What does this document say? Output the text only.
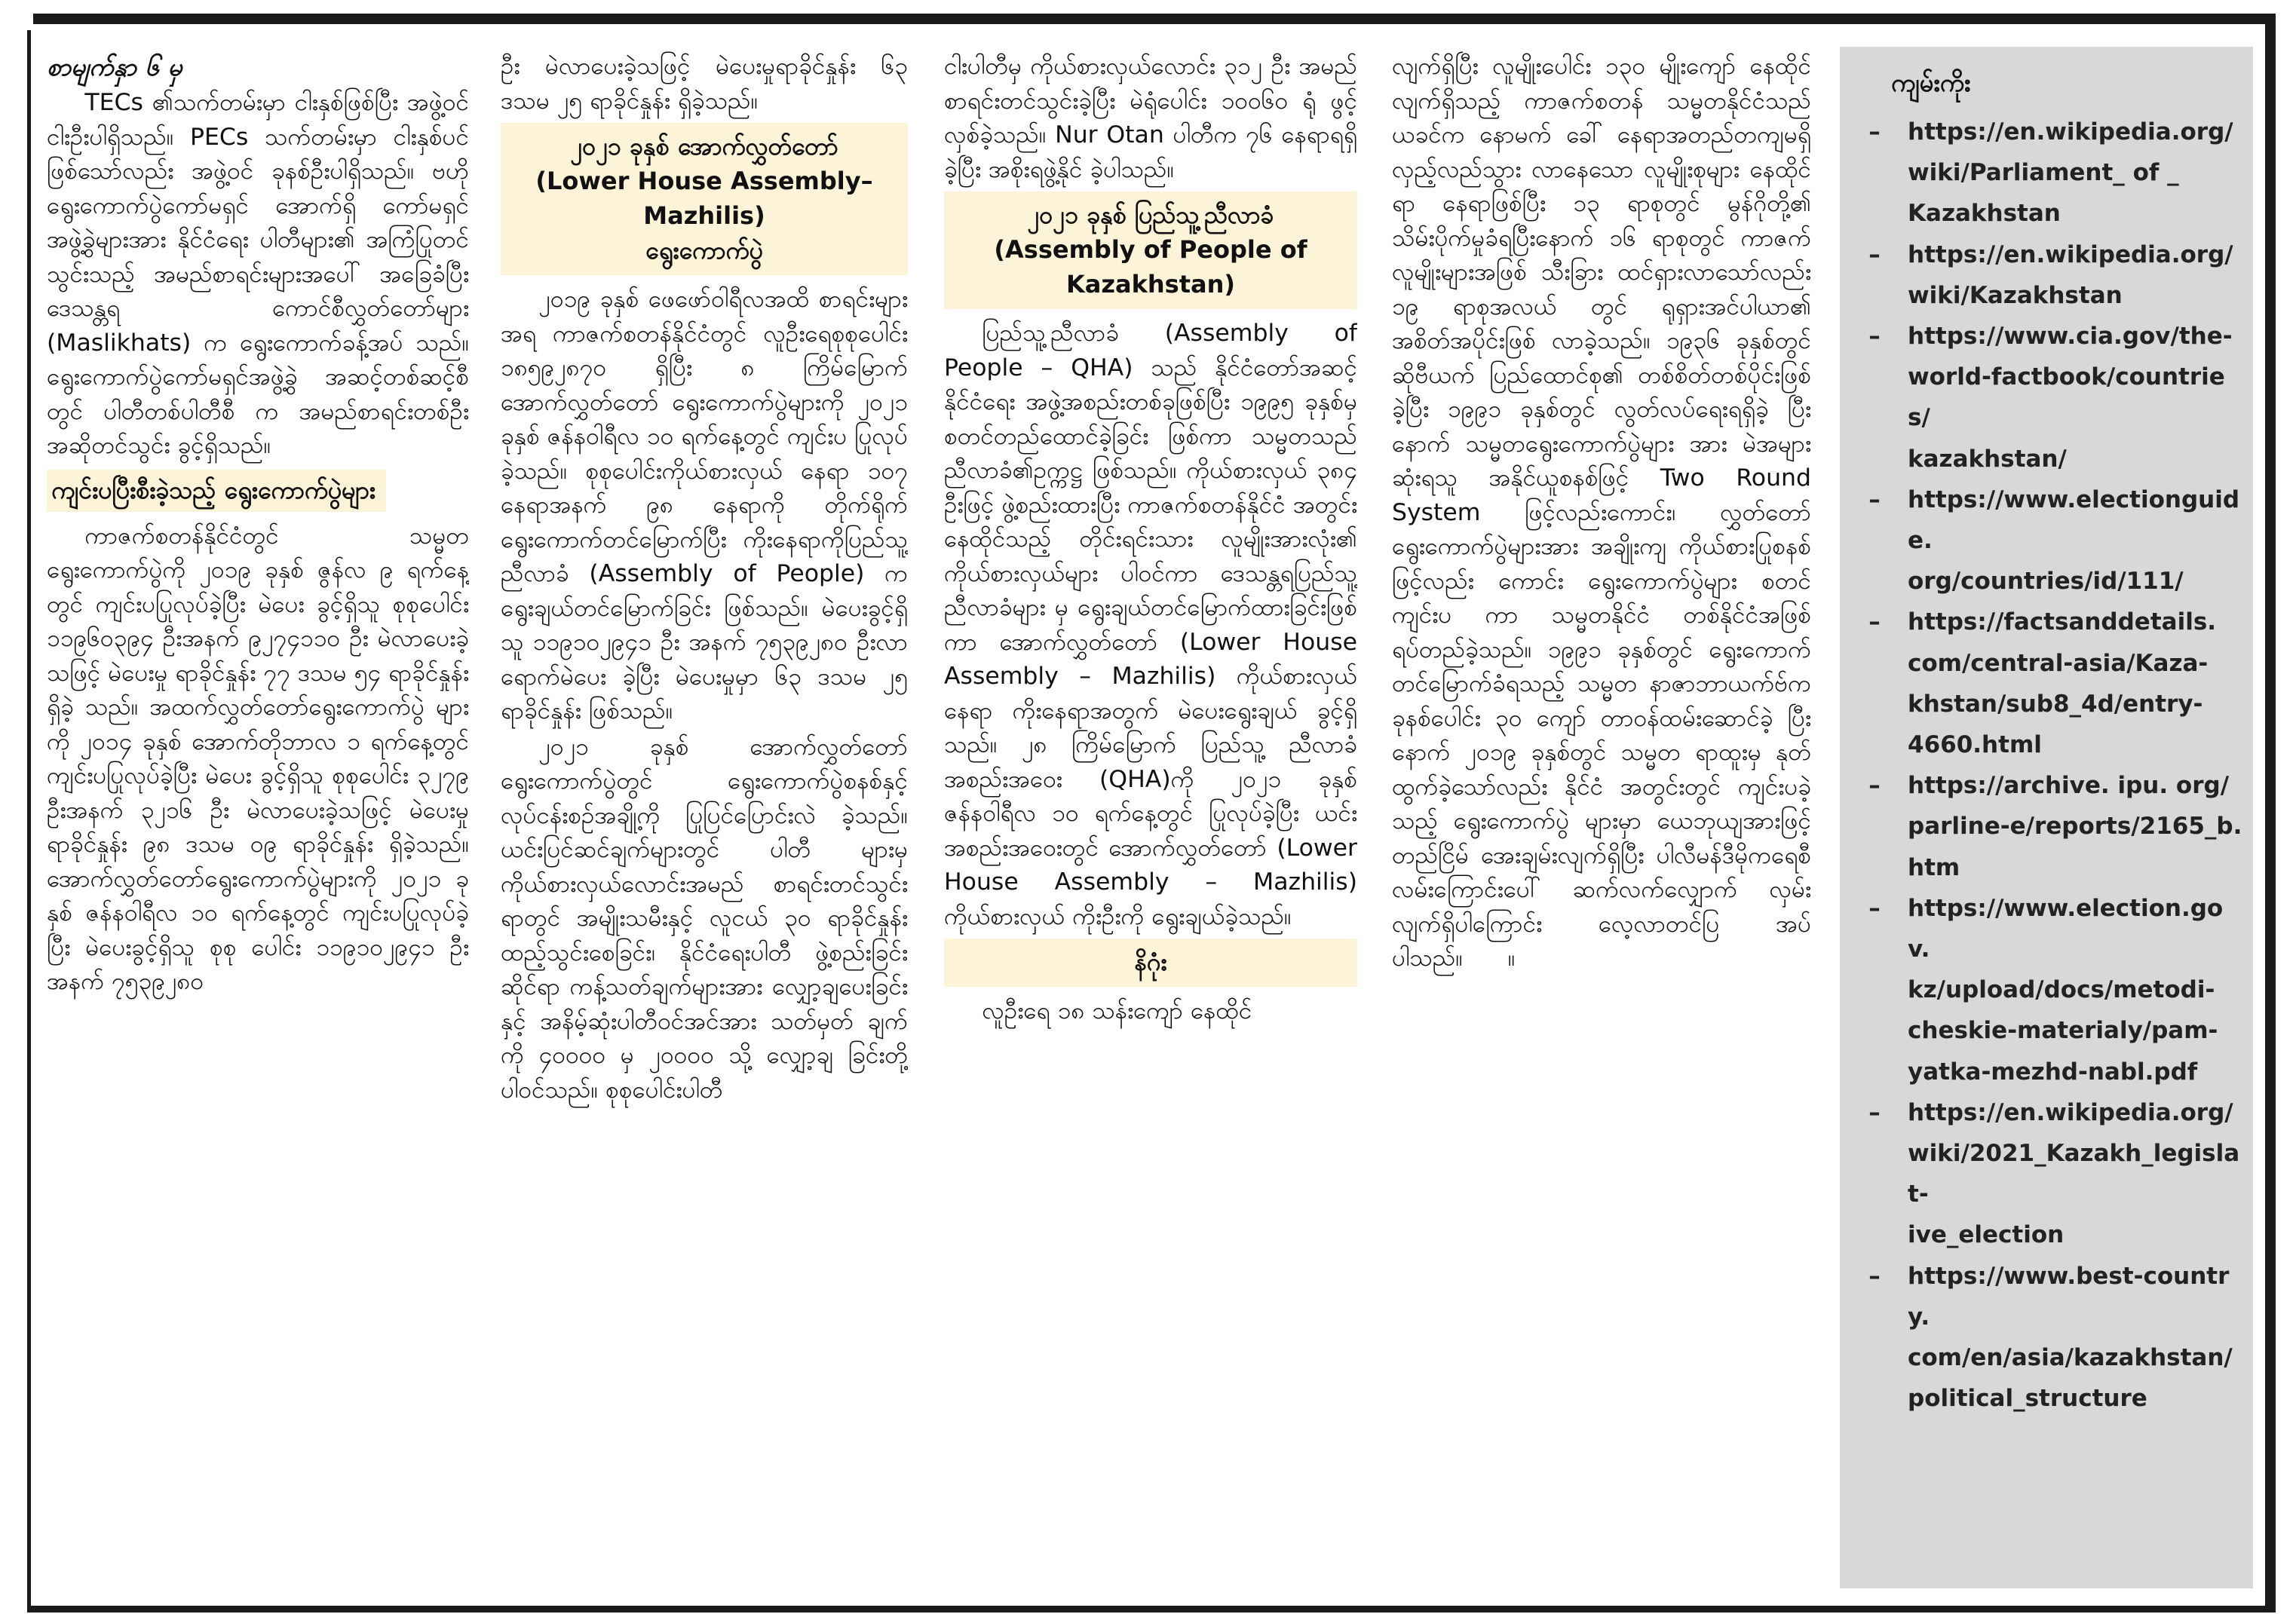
စာမျက်နှာ ၆ မှ

TECs ၏သက်တမ်းမှာ ငါးနှစ်ဖြစ်ပြီး အဖွဲ့ဝင် ငါးဦးပါရှိသည်။ PECs သက်တမ်းမှာ ငါးနှစ်ပင် ဖြစ်သော်လည်း အဖွဲ့ဝင် ခုနစ်ဦးပါရှိသည်။ ဗဟို ရွေးကောက်ပွဲကော်မရှင် အောက်ရှိ ကော်မရှင် အဖွဲ့ခွဲများအား နိုင်ငံရေး ပါတီများ၏ အကြံပြုတင်သွင်းသည့် အမည်စာရင်းများအပေါ် အခြေခံပြီး ဒေသန္တရ ကောင်စီလွှတ်တော်များ (Maslikhats) က ရွေးကောက်ခန့်အပ် သည်။ ရွေးကောက်ပွဲကော်မရှင်အဖွဲ့ခွဲ အဆင့်တစ်ဆင့်စီတွင် ပါတီတစ်ပါတီစီ က အမည်စာရင်းတစ်ဦး အဆိုတင်သွင်း ခွင့်ရှိသည်။

ကျင်းပပြီးစီးခဲ့သည့် ရွေးကောက်ပွဲများ

ကာဇက်စတန်နိုင်ငံတွင် သမ္မတ ရွေးကောက်ပွဲကို ၂၀၁၉ ခုနှစ် ဇွန်လ ၉ ရက်နေ့တွင် ကျင်းပပြုလုပ်ခဲ့ပြီး မဲပေး ခွင့်ရှိသူ စုစုပေါင်း ၁၁၉၆၀၃၉၄ ဦးအနက် ၉၂၇၄၁၁၀ ဦး မဲလာပေးခဲ့သဖြင့် မဲပေးမှု ရာခိုင်နှုန်း ၇၇ ဒသမ ၅၄ ရာခိုင်နှုန်း ရှိခဲ့ သည်။ အထက်လွှတ်တော်ရွေးကောက်ပွဲ များကို ၂၀၁၄ ခုနှစ် အောက်တိုဘာလ ၁ ရက်နေ့တွင် ကျင်းပပြုလုပ်ခဲ့ပြီး မဲပေး ခွင့်ရှိသူ စုစုပေါင်း ၃၂၇၉ ဦးအနက် ၃၂၁၆ ဦး မဲလာပေးခဲ့သဖြင့် မဲပေးမှုရာခိုင်နှုန်း ၉၈ ဒသမ ၀၉ ရာခိုင်နှုန်း ရှိခဲ့သည်။ အောက်လွှတ်တော်ရွေးကောက်ပွဲများကို ၂၀၂၁ ခုနှစ် ဇန်နဝါရီလ ၁၀ ရက်နေ့တွင် ကျင်းပပြုလုပ်ခဲ့ပြီး မဲပေးခွင့်ရှိသူ စုစု ပေါင်း ၁၁၉၁၀၂၉၄၁ ဦးအနက် ၇၅၃၉၂၈၀

ဦး မဲလာပေးခဲ့သဖြင့် မဲပေးမှုရာခိုင်နှုန်း ၆၃ ဒသမ ၂၅ ရာခိုင်နှုန်း ရှိခဲ့သည်။

၂၀၂၁ ခုနှစ် အောက်လွှတ်တော်
(Lower House Assembly– Mazhilis)
ရွေးကောက်ပွဲ

၂၀၁၉ ခုနှစ် ဖေဖော်ဝါရီလအထိ စာရင်းများအရ ကာဇက်စတန်နိုင်ငံတွင် လူဦးရေစုစုပေါင်း ၁၈၅၉၂၈၇၀ ရှိပြီး ၈ ကြိမ်မြောက် အောက်လွှတ်တော် ရွေးကောက်ပွဲများကို ၂၀၂၁ ခုနှစ် ဇန်နဝါရီလ ၁၀ ရက်နေ့တွင် ကျင်းပ ပြုလုပ်ခဲ့သည်။ စုစုပေါင်းကိုယ်စားလှယ် နေရာ ၁၀၇ နေရာအနက် ၉၈ နေရာကို တိုက်ရိုက်ရွေးကောက်တင်မြောက်ပြီး ကိုးနေရာကိုပြည်သူ့ညီလာခံ (Assembly of People) က ရွေးချယ်တင်မြောက်ခြင်း ဖြစ်သည်။ မဲပေးခွင့်ရှိသူ ၁၁၉၁၀၂၉၄၁ ဦး အနက် ၇၅၃၉၂၈၀ ဦးလာရောက်မဲပေး ခဲ့ပြီး မဲပေးမှုမှာ ၆၃ ဒသမ ၂၅ ရာခိုင်နှုန်း ဖြစ်သည်။

၂၀၂၁ ခုနှစ် အောက်လွှတ်တော် ရွေးကောက်ပွဲတွင် ရွေးကောက်ပွဲစနစ်နှင့် လုပ်ငန်းစဉ်အချို့ကို ပြုပြင်ပြောင်းလဲ ခဲ့သည်။ ယင်းပြင်ဆင်ချက်များတွင် ပါတီ များမှ ကိုယ်စားလှယ်လောင်းအမည် စာရင်းတင်သွင်းရာတွင် အမျိုးသမီးနှင့် လူငယ် ၃၀ ရာခိုင်နှုန်း ထည့်သွင်းစေခြင်း၊ နိုင်ငံရေးပါတီ ဖွဲ့စည်းခြင်းဆိုင်ရာ ကန့်သတ်ချက်များအား လျှော့ချပေးခြင်း နှင့် အနိမ့်ဆုံးပါတီဝင်အင်အား သတ်မှတ် ချက်ကို ၄၀၀၀၀ မှ ၂၀၀၀၀ သို့ လျှော့ချ ခြင်းတို့ ပါဝင်သည်။ စုစုပေါင်းပါတီ

ငါးပါတီမှ ကိုယ်စားလှယ်လောင်း ၃၁၂ ဦး အမည်စာရင်းတင်သွင်းခဲ့ပြီး မဲရုံပေါင်း ၁၀၀၆၀ ရုံ ဖွင့်လှစ်ခဲ့သည်။ Nur Otan ပါတီက ၇၆ နေရာရရှိခဲ့ပြီး အစိုးရဖွဲ့နိုင် ခဲ့ပါသည်။

၂၀၂၁ ခုနှစ် ပြည်သူ့ညီလာခံ
(Assembly of People of
Kazakhstan)

ပြည်သူ့ညီလာခံ (Assembly of People – QHA) သည် နိုင်ငံတော်အဆင့် နိုင်ငံရေး အဖွဲ့အစည်းတစ်ခုဖြစ်ပြီး ၁၉၉၅ ခုနှစ်မှစတင်တည်ထောင်ခဲ့ခြင်း ဖြစ်ကာ သမ္မတသည် ညီလာခံ၏ဥက္ကဋ္ဌ ဖြစ်သည်။ ကိုယ်စားလှယ် ၃၈၄ ဦးဖြင့် ဖွဲ့စည်းထားပြီး ကာဇက်စတန်နိုင်ငံ အတွင်း နေထိုင်သည့် တိုင်းရင်းသား လူမျိုးအားလုံး၏ ကိုယ်စားလှယ်များ ပါဝင်ကာ ဒေသန္တရပြည်သူ့ညီလာခံများ မှ ရွေးချယ်တင်မြောက်ထားခြင်းဖြစ်ကာ အောက်လွှတ်တော် (Lower House Assembly – Mazhilis) ကိုယ်စားလှယ် နေရာ ကိုးနေရာအတွက် မဲပေးရွေးချယ် ခွင့်ရှိသည်။ ၂၈ ကြိမ်မြောက် ပြည်သူ့ ညီလာခံ အစည်းအဝေး (QHA)ကို ၂၀၂၁ ခုနှစ် ဇန်နဝါရီလ ၁၀ ရက်နေ့တွင် ပြုလုပ်ခဲ့ပြီး ယင်းအစည်းအဝေးတွင် အောက်လွှတ်တော် (Lower House Assembly – Mazhilis) ကိုယ်စားလှယ် ကိုးဦးကို ရွေးချယ်ခဲ့သည်။

နိဂုံး

လူဦးရေ ၁၈ သန်းကျော် နေထိုင်

လျက်ရှိပြီး လူမျိုးပေါင်း ၁၃၀ မျိုးကျော် နေထိုင်လျက်ရှိသည့် ကာဇက်စတန် သမ္မတနိုင်ငံသည် ယခင်က နောမက် ခေါ် နေရာအတည်တကျမရှိ လှည့်လည်သွား လာနေသော လူမျိုးစုများ နေထိုင်ရာ နေရာဖြစ်ပြီး ၁၃ ရာစုတွင် မွန်ဂိုတို့၏ သိမ်းပိုက်မှုခံရပြီးနောက် ၁၆ ရာစုတွင် ကာဇက်လူမျိုးများအဖြစ် သီးခြား ထင်ရှားလာသော်လည်း ၁၉ ရာစုအလယ် တွင် ရုရှားအင်ပါယာ၏ အစိတ်အပိုင်းဖြစ် လာခဲ့သည်။ ၁၉၃၆ ခုနှစ်တွင် ဆိုဗီယက် ပြည်ထောင်စု၏ တစ်စိတ်တစ်ပိုင်းဖြစ် ခဲ့ပြီး ၁၉၉၁ ခုနှစ်တွင် လွတ်လပ်ရေးရရှိခဲ့ ပြီးနောက် သမ္မတရွေးကောက်ပွဲများ အား မဲအများဆုံးရသူ အနိုင်ယူစနစ်ဖြင့် Two Round System ဖြင့်လည်းကောင်း၊ လွှတ်တော် ရွေးကောက်ပွဲများအား အချိုးကျ ကိုယ်စားပြုစနစ်ဖြင့်လည်း ကောင်း ရွေးကောက်ပွဲများ စတင်ကျင်းပ ကာ သမ္မတနိုင်ငံ တစ်နိုင်ငံအဖြစ် ရပ်တည်ခဲ့သည်။ ၁၉၉၁ ခုနှစ်တွင် ရွေးကောက်တင်မြောက်ခံရသည့် သမ္မတ နာဇာဘာယက်ဗ်က ခုနစ်ပေါင်း ၃၀ ကျော် တာဝန်ထမ်းဆောင်ခဲ့ ပြီးနောက် ၂၀၁၉ ခုနှစ်တွင် သမ္မတ ရာထူးမှ နုတ်ထွက်ခဲ့သော်လည်း နိုင်ငံ အတွင်းတွင် ကျင်းပခဲ့သည့် ရွေးကောက်ပွဲ များမှာ ယေဘုယျအားဖြင့် တည်ငြိမ် အေးချမ်းလျက်ရှိပြီး ပါလီမန်ဒီမိုကရေစီ လမ်းကြောင်းပေါ် ဆက်လက်လျှောက် လှမ်းလျက်ရှိပါကြောင်း လေ့လာတင်ပြ အပ်ပါသည်။ ။

ကျမ်းကိုး
– https://en.wikipedia.org/
wiki/Parliament_ of _
Kazakhstan
– https://en.wikipedia.org/
wiki/Kazakhstan
– https://www.cia.gov/the-
world-factbook/countries/
kazakhstan/
– https://www.electionguide.
org/countries/id/111/
– https://factsanddetails.
com/central-asia/Kaza-
khstan/sub8_4d/entry-
4660.html
– https://archive. ipu. org/
parline-e/reports/2165_b.
htm
– https://www.election.gov.
kz/upload/docs/metodi-
cheskie-materialy/pam-
yatka-mezhd-nabl.pdf
– https://en.wikipedia.org/
wiki/2021_Kazakh_legislat-
ive_election
– https://www.best-country.
com/en/asia/kazakhstan/
political_structure
